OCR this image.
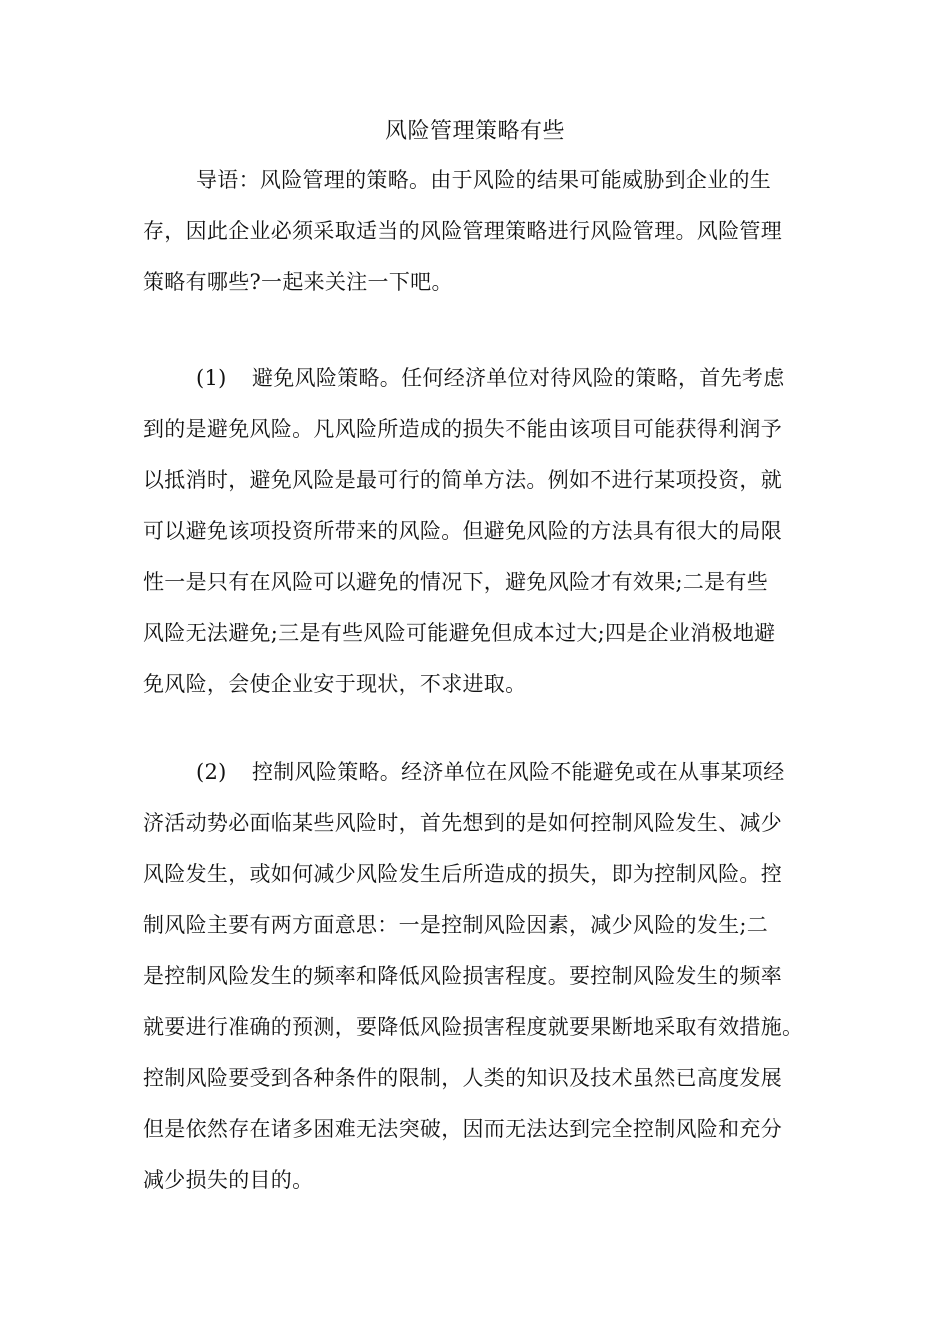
风险管理策略有些
导语：风险管理的策略。由于风险的结果可能威胁到企业的生
存，因此企业必须采取适当的风险管理策略进行风险管理。风险管理
策略有哪些?一起来关注一下吧。
(1) 避免风险策略。任何经济单位对待风险的策略，首先考虑
到的是避免风险。凡风险所造成的损失不能由该项目可能获得利润予
以抵消时，避免风险是最可行的简单方法。例如不进行某项投资，就
可以避免该项投资所带来的风险。但避免风险的方法具有很大的局限
性一是只有在风险可以避免的情况下，避免风险才有效果;二是有些
风险无法避免;三是有些风险可能避免但成本过大;四是企业消极地避
免风险，会使企业安于现状，不求进取。
(2) 控制风险策略。经济单位在风险不能避免或在从事某项经
济活动势必面临某些风险时，首先想到的是如何控制风险发生、减少
风险发生，或如何减少风险发生后所造成的损失，即为控制风险。控
制风险主要有两方面意思：一是控制风险因素，减少风险的发生;二
是控制风险发生的频率和降低风险损害程度。要控制风险发生的频率
就要进行准确的预测，要降低风险损害程度就要果断地采取有效措施。
控制风险要受到各种条件的限制，人类的知识及技术虽然已高度发展
但是依然存在诸多困难无法突破，因而无法达到完全控制风险和充分
减少损失的目的。
